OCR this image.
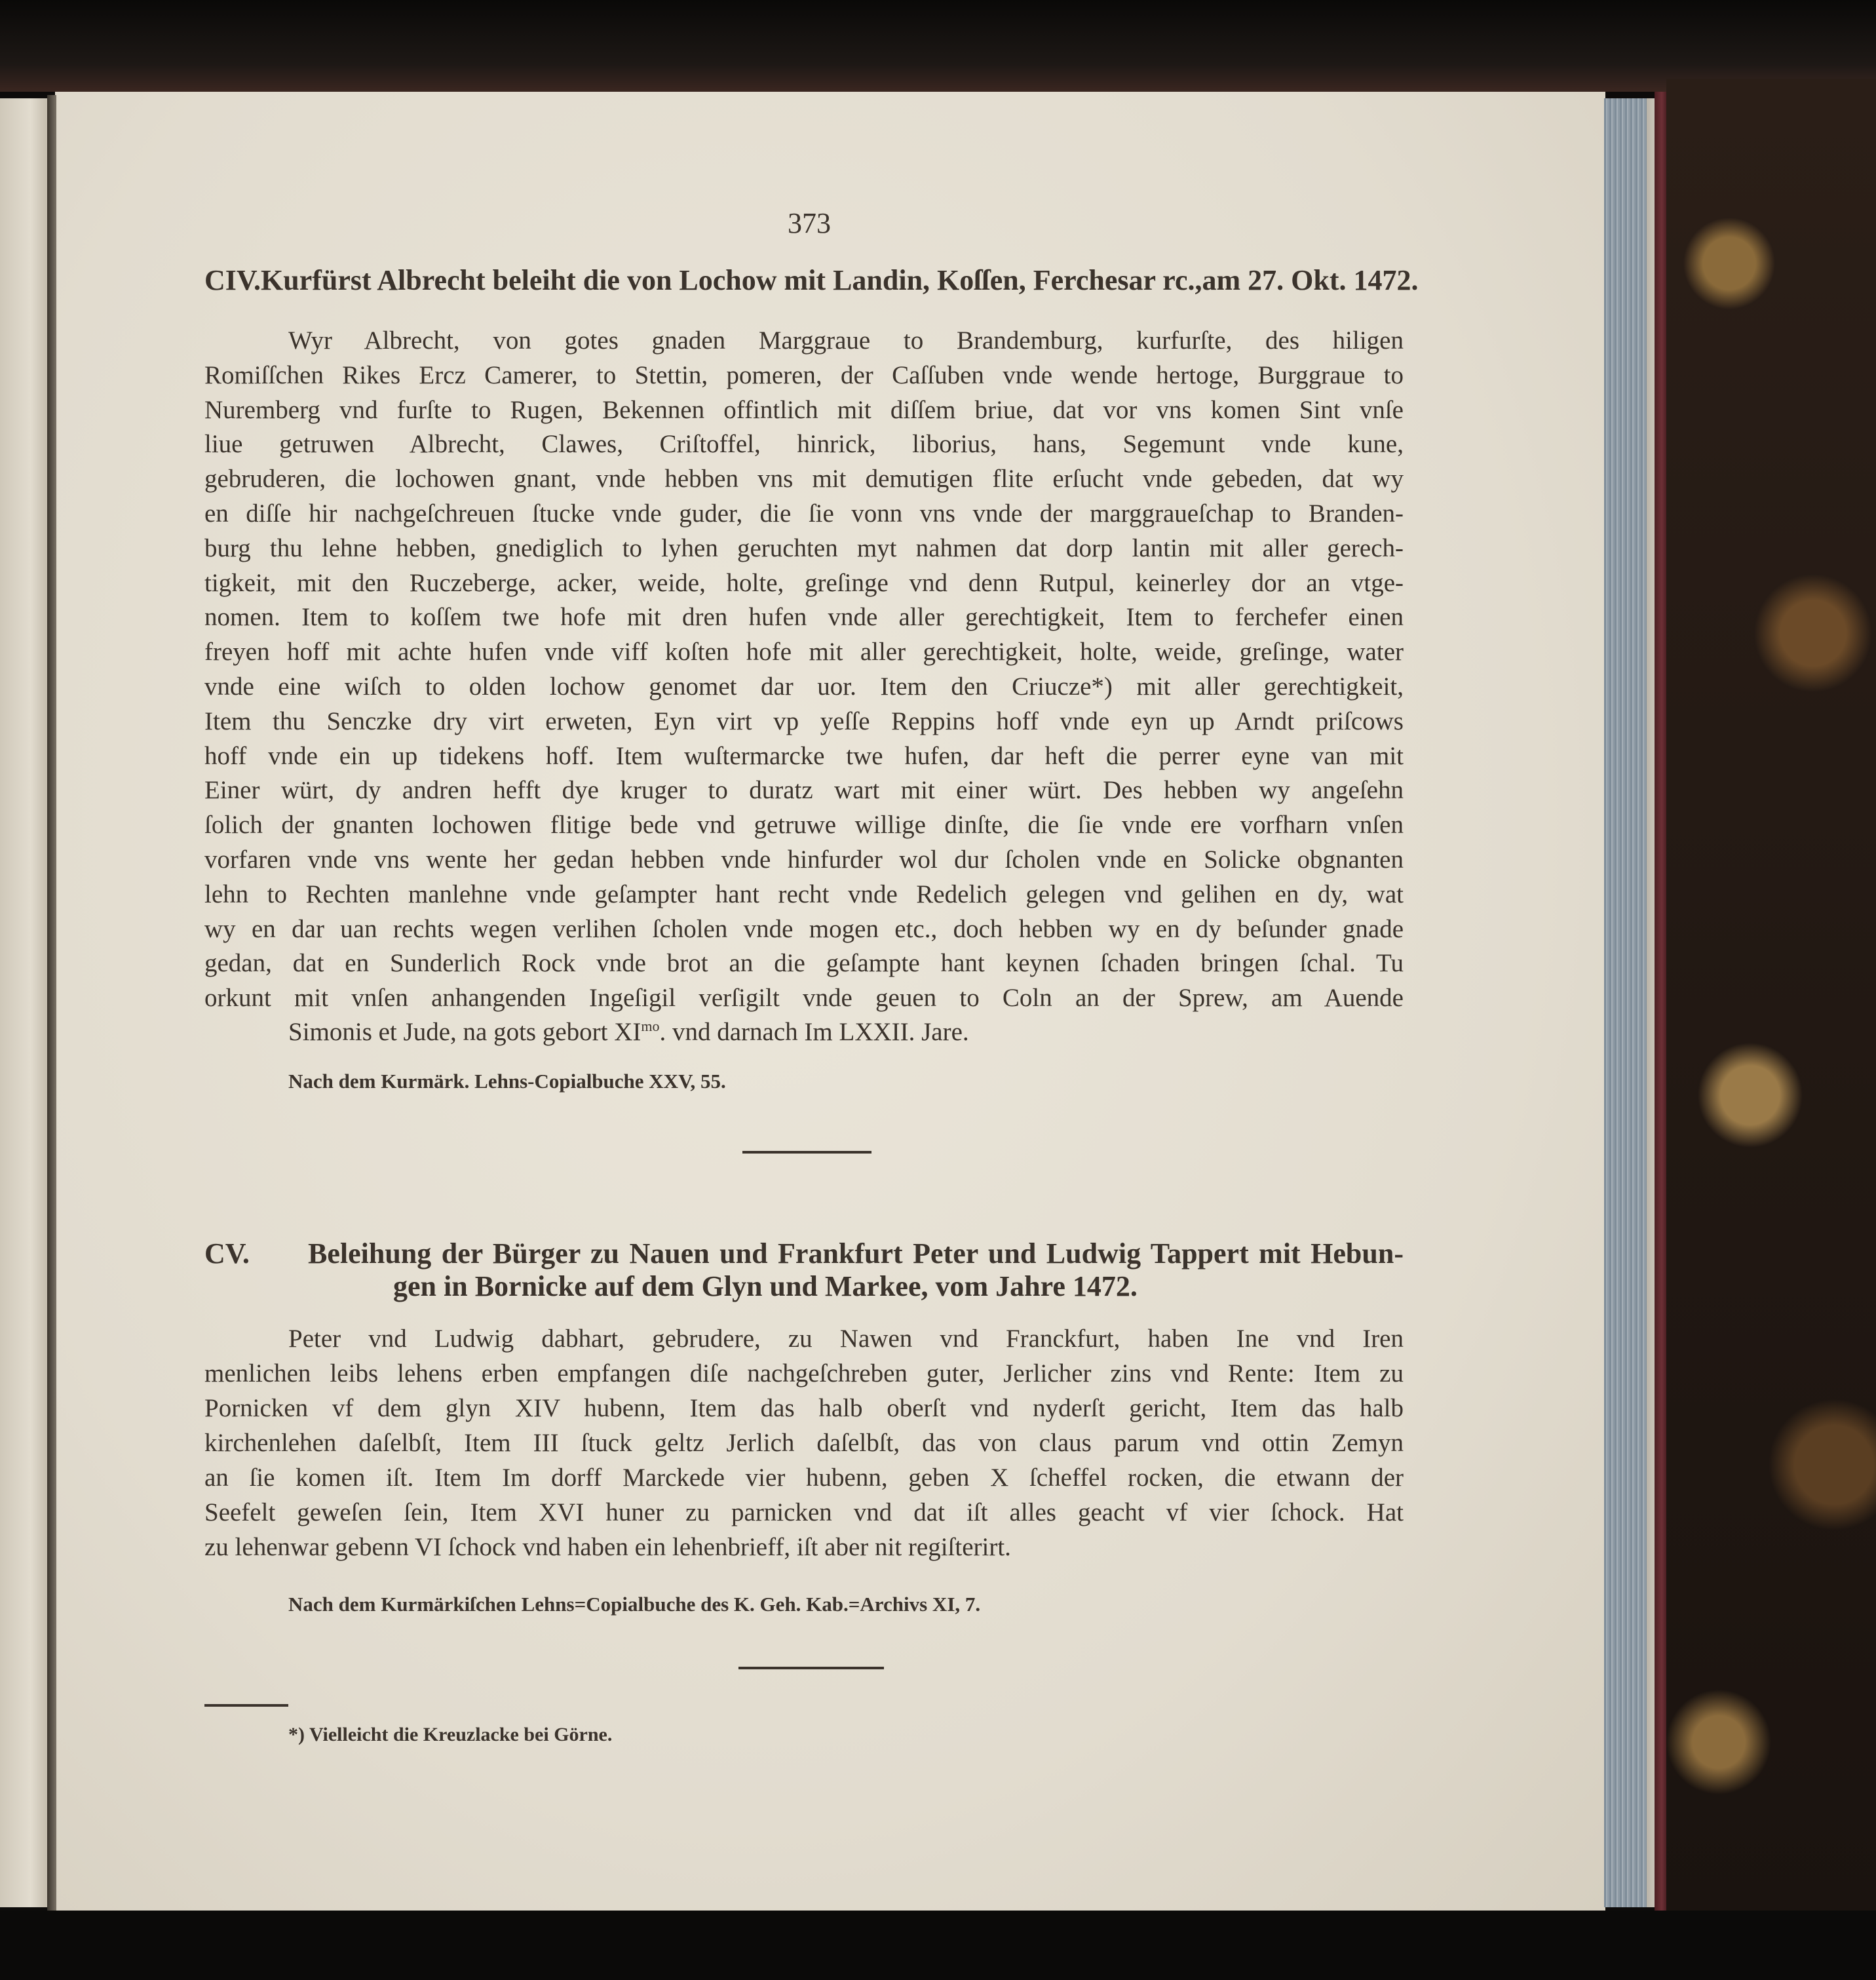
373
CIV. Kurfürst Albrecht beleiht die von Lochow mit Landin, Koſſen, Ferchesar rc., am 27. Okt. 1472.
Wyr Albrecht, von gotes gnaden Marggraue to Brandemburg, kurfurſte, des hiligen
Romiſſchen Rikes Ercz Camerer, to Stettin, pomeren, der Caſſuben vnde wende hertoge, Burggraue to
Nuremberg vnd furſte to Rugen, Bekennen offintlich mit diſſem briue, dat vor vns komen Sint vnſe
liue getruwen Albrecht, Clawes, Criſtoffel, hinrick, liborius, hans, Segemunt vnde kune,
gebruderen, die lochowen gnant, vnde hebben vns mit demutigen flite erſucht vnde gebeden, dat wy
en diſſe hir nachgeſchreuen ſtucke vnde guder, die ſie vonn vns vnde der marggraueſchap to Branden-
burg thu lehne hebben, gnediglich to lyhen geruchten myt nahmen dat dorp lantin mit aller gerech-
tigkeit, mit den Ruczeberge, acker, weide, holte, greſinge vnd denn Rutpul, keinerley dor an vtge-
nomen. Item to koſſem twe hofe mit dren hufen vnde aller gerechtigkeit, Item to ferchefer einen
freyen hoff mit achte hufen vnde viff koſten hofe mit aller gerechtigkeit, holte, weide, greſinge, water
vnde eine wiſch to olden lochow genomet dar uor. Item den Criucze*) mit aller gerechtigkeit,
Item thu Senczke dry virt erweten, Eyn virt vp yeſſe Reppins hoff vnde eyn up Arndt priſcows
hoff vnde ein up tidekens hoff. Item wuſtermarcke twe hufen, dar heft die perrer eyne van mit
Einer würt, dy andren hefft dye kruger to duratz wart mit einer würt. Des hebben wy angeſehn
ſolich der gnanten lochowen flitige bede vnd getruwe willige dinſte, die ſie vnde ere vorfharn vnſen
vorfaren vnde vns wente her gedan hebben vnde hinfurder wol dur ſcholen vnde en Solicke obgnanten
lehn to Rechten manlehne vnde geſampter hant recht vnde Redelich gelegen vnd gelihen en dy, wat
wy en dar uan rechts wegen verlihen ſcholen vnde mogen etc., doch hebben wy en dy beſunder gnade
gedan, dat en Sunderlich Rock vnde brot an die geſampte hant keynen ſchaden bringen ſchal. Tu
orkunt mit vnſen anhangenden Ingeſigil verſigilt vnde geuen to Coln an der Sprew, am Auende
Simonis et Jude, na gots gebort $XI^{mo}$. vnd darnach Im LXXII. Jare.
Nach dem Kurmärk. Lehns-Copialbuche XXV, 55.
CV. Beleihung der Bürger zu Nauen und Frankfurt Peter und Ludwig Tappert mit Hebun-
gen in Bornicke auf dem Glyn und Markee, vom Jahre 1472.
Peter vnd Ludwig dabhart, gebrudere, zu Nawen vnd Franckfurt, haben Ine vnd Iren
menlichen leibs lehens erben empfangen diſe nachgeſchreben guter, Jerlicher zins vnd Rente: Item zu
Pornicken vf dem glyn XIV hubenn, Item das halb oberſt vnd nyderſt gericht, Item das halb
kirchenlehen daſelbſt, Item III ſtuck geltz Jerlich daſelbſt, das von claus parum vnd ottin Zemyn
an ſie komen iſt. Item Im dorff Marckede vier hubenn, geben X ſcheffel rocken, die etwann der
Seefelt geweſen ſein, Item XVI huner zu parnicken vnd dat iſt alles geacht vf vier ſchock. Hat
zu lehenwar gebenn VI ſchock vnd haben ein lehenbrieff, iſt aber nit regiſterirt.
Nach dem Kurmärkiſchen Lehns=Copialbuche des K. Geh. Kab.=Archivs XI, 7.
*) Vielleicht die Kreuzlacke bei Görne.
